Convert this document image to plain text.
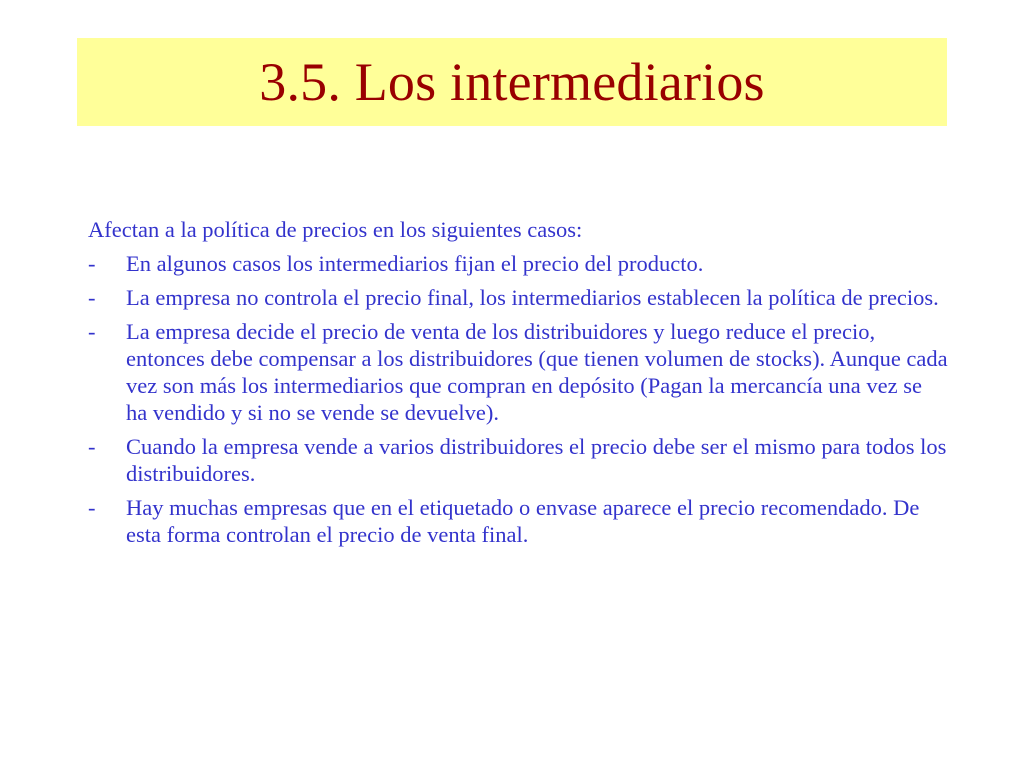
3.5. Los intermediarios

Afectan a la política de precios en los siguientes casos:

- En algunos casos los intermediarios fijan el precio del producto.
- La empresa no controla el precio final, los intermediarios establecen la política de precios.
- La empresa decide el precio de venta de los distribuidores y luego reduce el precio, entonces debe compensar a los distribuidores (que tienen volumen de stocks). Aunque cada vez son más los intermediarios que compran en depósito (Pagan la mercancía una vez se ha vendido y si no se vende se devuelve).
- Cuando la empresa vende a varios distribuidores el precio debe ser el mismo para todos los distribuidores.
- Hay muchas empresas que en el etiquetado o envase aparece el precio recomendado. De esta forma controlan el precio de venta final.
